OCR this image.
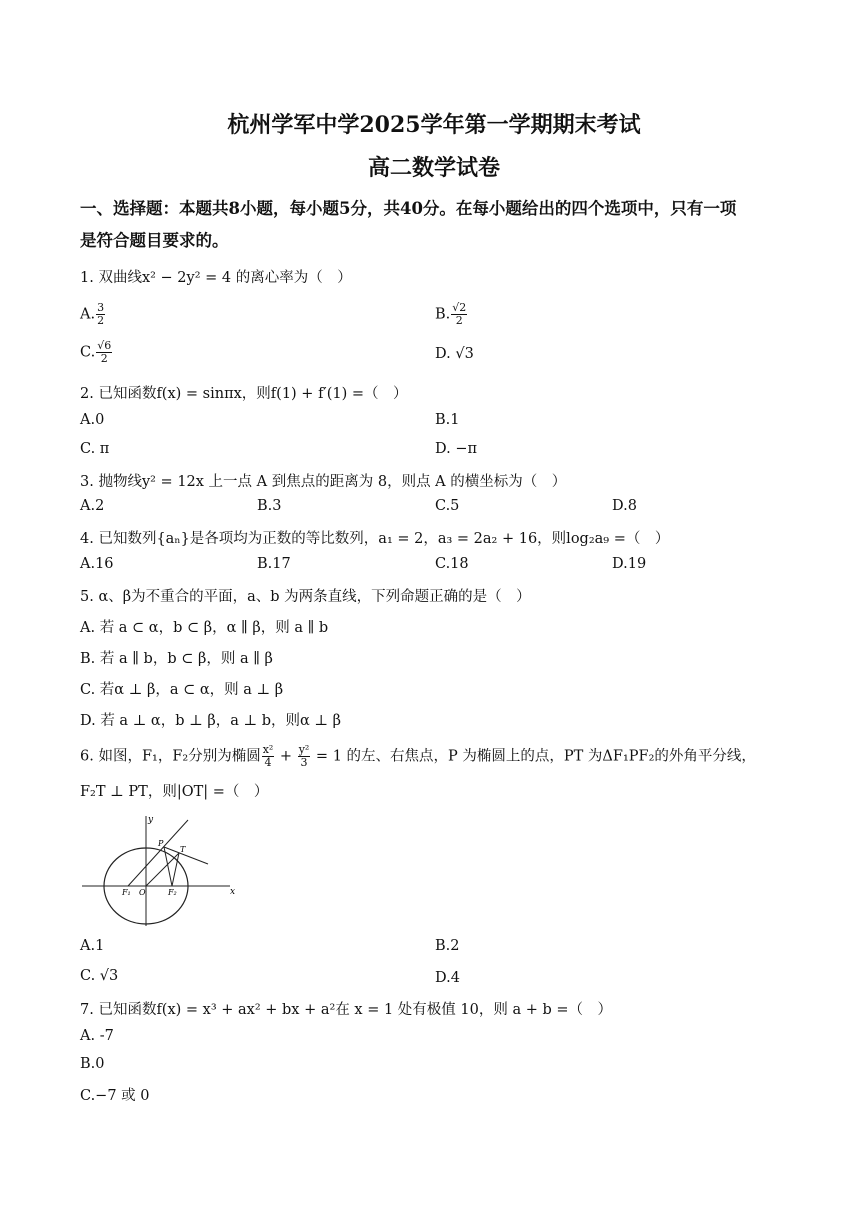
杭州学军中学2025学年第一学期期末考试
高二数学试卷
一、选择题：本题共8小题，每小题5分，共40分。在每小题给出的四个选项中，只有一项
是符合题目要求的。
1. 双曲线x² − 2y² = 4 的离心率为（　）
A. $\frac{3}{2}$	B. $\frac{√2}{2}$
C. $\frac{√6}{2}$	D. √3
2. 已知函数f(x) = sinπx，则f(1) + f′(1) =（　）
A.0	B.1
C. π	D. −π
3. 抛物线y² = 12x 上一点 A 到焦点的距离为 8，则点 A 的横坐标为（　）
A.2	B.3	C.5	D.8
4. 已知数列{aₙ}是各项均为正数的等比数列，a₁ = 2，a₃ = 2a₂ + 16，则log₂a₉ =（　）
A.16	B.17	C.18	D.19
5. α、β为不重合的平面，a、b 为两条直线，下列命题正确的是（　）
A. 若 a ⊂ α，b ⊂ β，α ∥ β，则 a ∥ b
B. 若 a ∥ b，b ⊂ β，则 a ∥ β
C. 若α ⊥ β，a ⊂ α，则 a ⊥ β
D. 若 a ⊥ α，b ⊥ β，a ⊥ b，则α ⊥ β
6. 如图，F₁，F₂分别为椭圆 $\frac{\text{x²}}{4} + \frac{\text{y²}}{3} = 1$ 的左、右焦点，P 为椭圆上的点，PT 为ΔF₁PF₂的外角平分线，
F₂T ⊥ PT，则|OT| =（　）
y
x
O
F₁	F₂
P
T
A.1	B.2
C. √3	D.4
7. 已知函数f(x) = x³ + ax² + bx + a²在 x = 1 处有极值 10，则 a + b =（　）
A. -7
B.0
C.−7 或 0
